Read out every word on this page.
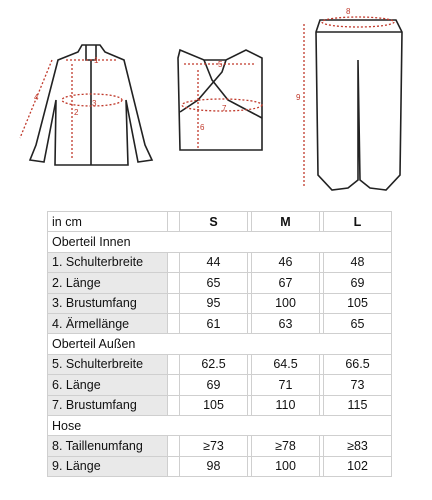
1
2
3
4
5
6
7
8
9
in cm		S		M		L
Oberteil Innen						
1. Schulterbreite		44		46		48
2. Länge		65		67		69
3. Brustumfang		95		100		105
4. Ärmellänge		61		63		65
Oberteil Außen						
5. Schulterbreite		62.5		64.5		66.5
6. Länge		69		71		73
7. Brustumfang		105		110		115
Hose						
8. Taillenumfang		≥73		≥78		≥83
9. Länge		98		100		102
